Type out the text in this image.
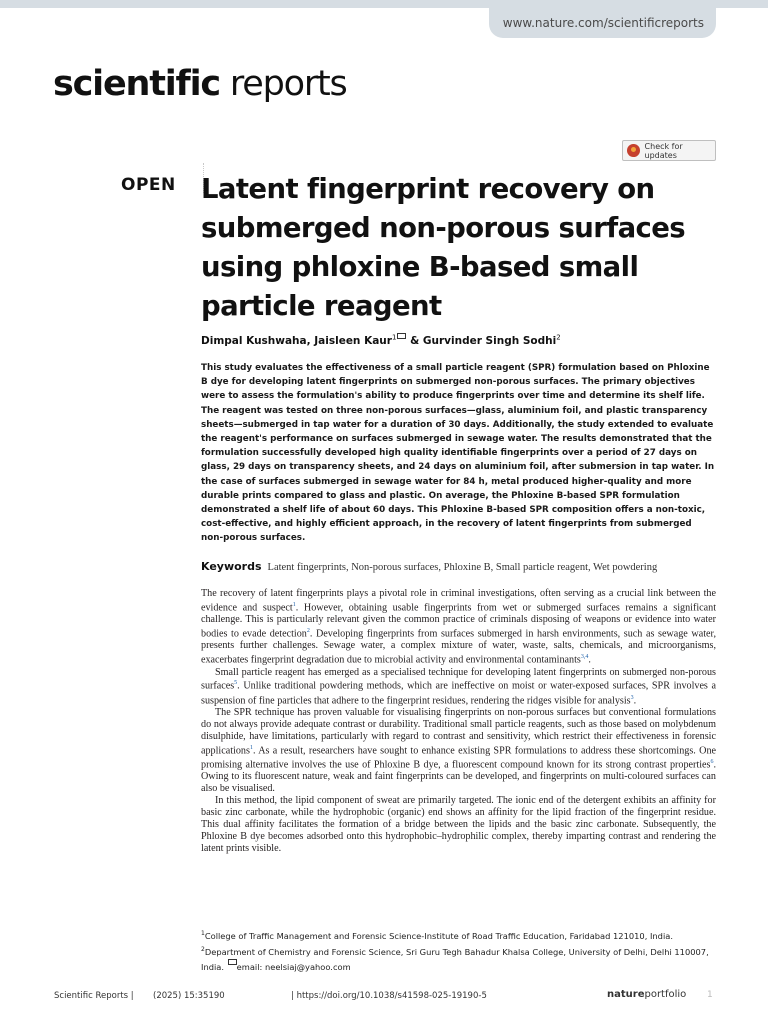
www.nature.com/scientificreports
scientific reports
Check for updates
OPEN Latent fingerprint recovery on submerged non-porous surfaces using phloxine B-based small particle reagent
Dimpal Kushwaha, Jaisleen Kaur$^1$ & Gurvinder Singh Sodhi$^2$

This study evaluates the effectiveness of a small particle reagent (SPR) formulation based on Phloxine B dye for developing latent fingerprints on submerged non-porous surfaces. The primary objectives were to assess the formulation's ability to produce fingerprints over time and determine its shelf life. The reagent was tested on three non-porous surfaces—glass, aluminium foil, and plastic transparency sheets—submerged in tap water for a duration of 30 days. Additionally, the study extended to evaluate the reagent's performance on surfaces submerged in sewage water. The results demonstrated that the formulation successfully developed high quality identifiable fingerprints over a period of 27 days on glass, 29 days on transparency sheets, and 24 days on aluminium foil, after submersion in tap water. In the case of surfaces submerged in sewage water for 84 h, metal produced higher-quality and more durable prints compared to glass and plastic. On average, the Phloxine B-based SPR formulation demonstrated a shelf life of about 60 days. This Phloxine B-based SPR composition offers a non-toxic, cost-effective, and highly efficient approach, in the recovery of latent fingerprints from submerged non-porous surfaces.

Keywords Latent fingerprints, Non-porous surfaces, Phloxine B, Small particle reagent, Wet powdering

The recovery of latent fingerprints plays a pivotal role in criminal investigations, often serving as a crucial link between the evidence and suspect$^1$. However, obtaining usable fingerprints from wet or submerged surfaces remains a significant challenge. This is particularly relevant given the common practice of criminals disposing of weapons or evidence into water bodies to evade detection$^2$. Developing fingerprints from surfaces submerged in harsh environments, such as sewage water, presents further challenges. Sewage water, a complex mixture of water, waste, salts, chemicals, and microorganisms, exacerbates fingerprint degradation due to microbial activity and environmental contaminants$^{3,4}$.

Small particle reagent has emerged as a specialised technique for developing latent fingerprints on submerged non-porous surfaces$^5$. Unlike traditional powdering methods, which are ineffective on moist or water-exposed surfaces, SPR involves a suspension of fine particles that adhere to the fingerprint residues, rendering the ridges visible for analysis$^3$.

The SPR technique has proven valuable for visualising fingerprints on non-porous surfaces but conventional formulations do not always provide adequate contrast or durability. Traditional small particle reagents, such as those based on molybdenum disulphide, have limitations, particularly with regard to contrast and sensitivity, which restrict their effectiveness in forensic applications$^1$. As a result, researchers have sought to enhance existing SPR formulations to address these shortcomings. One promising alternative involves the use of Phloxine B dye, a fluorescent compound known for its strong contrast properties$^6$. Owing to its fluorescent nature, weak and faint fingerprints can be developed, and fingerprints on multi-coloured surfaces can also be visualised.

In this method, the lipid component of sweat are primarily targeted. The ionic end of the detergent exhibits an affinity for basic zinc carbonate, while the hydrophobic (organic) end shows an affinity for the lipid fraction of the fingerprint residue. This dual affinity facilitates the formation of a bridge between the lipids and the basic zinc carbonate. Subsequently, the Phloxine B dye becomes adsorbed onto this hydrophobic–hydrophilic complex, thereby imparting contrast and rendering the latent prints visible.

$^1$College of Traffic Management and Forensic Science-Institute of Road Traffic Education, Faridabad 121010, India.
$^2$Department of Chemistry and Forensic Science, Sri Guru Tegh Bahadur Khalsa College, University of Delhi, Delhi 110007, India. email: neelsiaj@yahoo.com
Scientific Reports | (2025) 15:35190	| https://doi.org/10.1038/s41598-025-19190-5	natureportfolio 1
